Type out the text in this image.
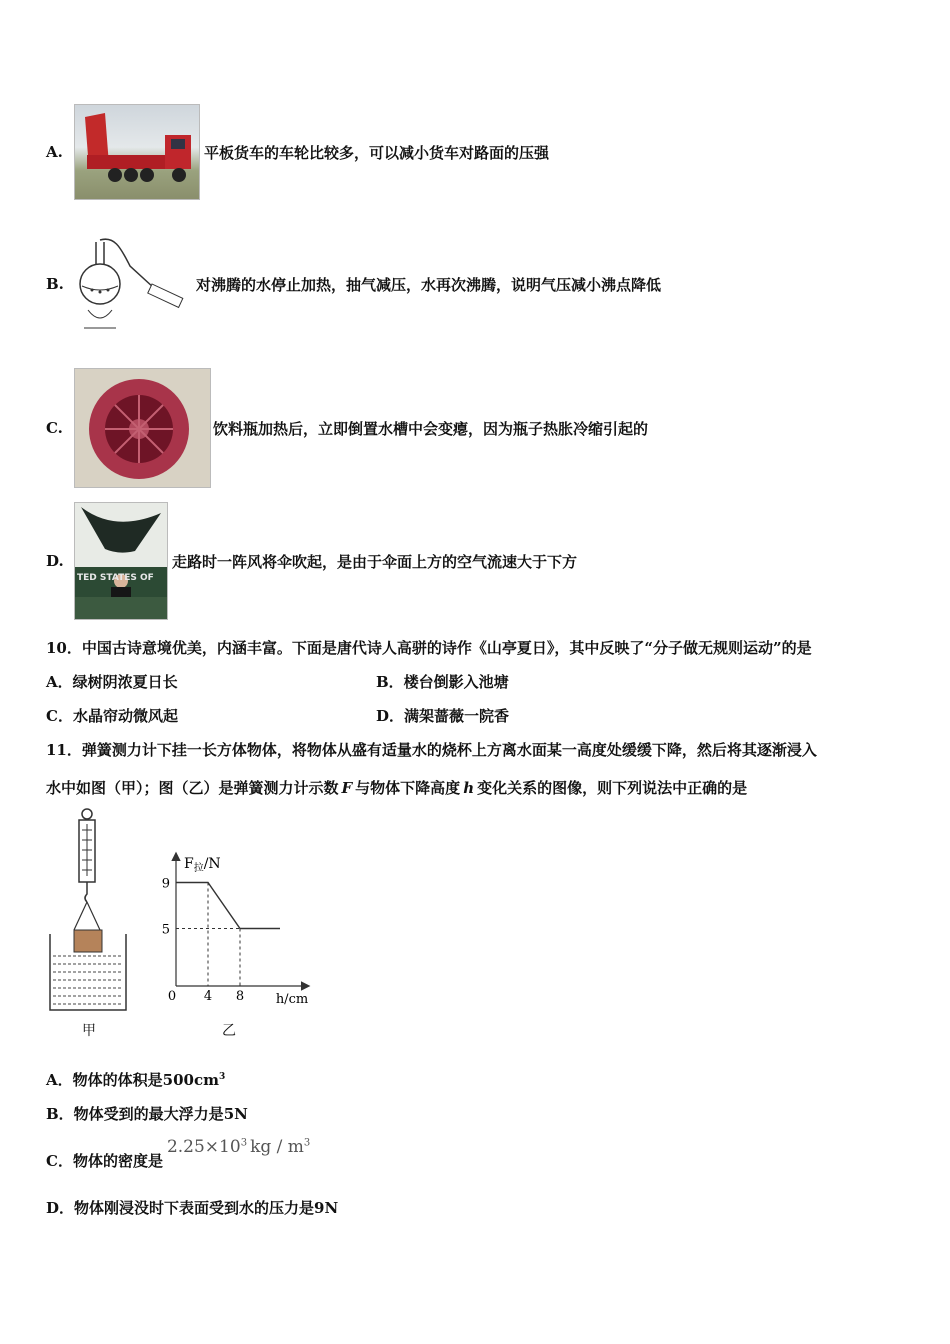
A.	平板货车的车轮比较多，可以减小货车对路面的压强
B.	对沸腾的水停止加热，抽气减压，水再次沸腾，说明气压减小沸点降低
C.	饮料瓶加热后，立即倒置水槽中会变瘪，因为瓶子热胀冷缩引起的
D.
TED STATES OF
走路时一阵风将伞吹起，是由于伞面上方的空气流速大于下方
10．中国古诗意境优美，内涵丰富。下面是唐代诗人高骈的诗作《山亭夏日》，其中反映了“分子做无规则运动”的是
A．绿树阴浓夏日长	B．楼台倒影入池塘
C．水晶帘动微风起	D．满架蔷薇一院香
11．弹簧测力计下挂一长方体物体，将物体从盛有适量水的烧杯上方离水面某一高度处缓缓下降，然后将其逐渐浸入
水中如图（甲）；图（乙）是弹簧测力计示数 F 与物体下降高度 h 变化关系的图像，则下列说法中正确的是
甲
$F_拉/N$
0	h/cm
4 8
9
5
乙
A．物体的体积是$500cm^3$
B．物体受到的最大浮力是5N
C．物体的密度是$2.25\times 10^3$ kg / $m^3$
D．物体刚浸没时下表面受到水的压力是9N
